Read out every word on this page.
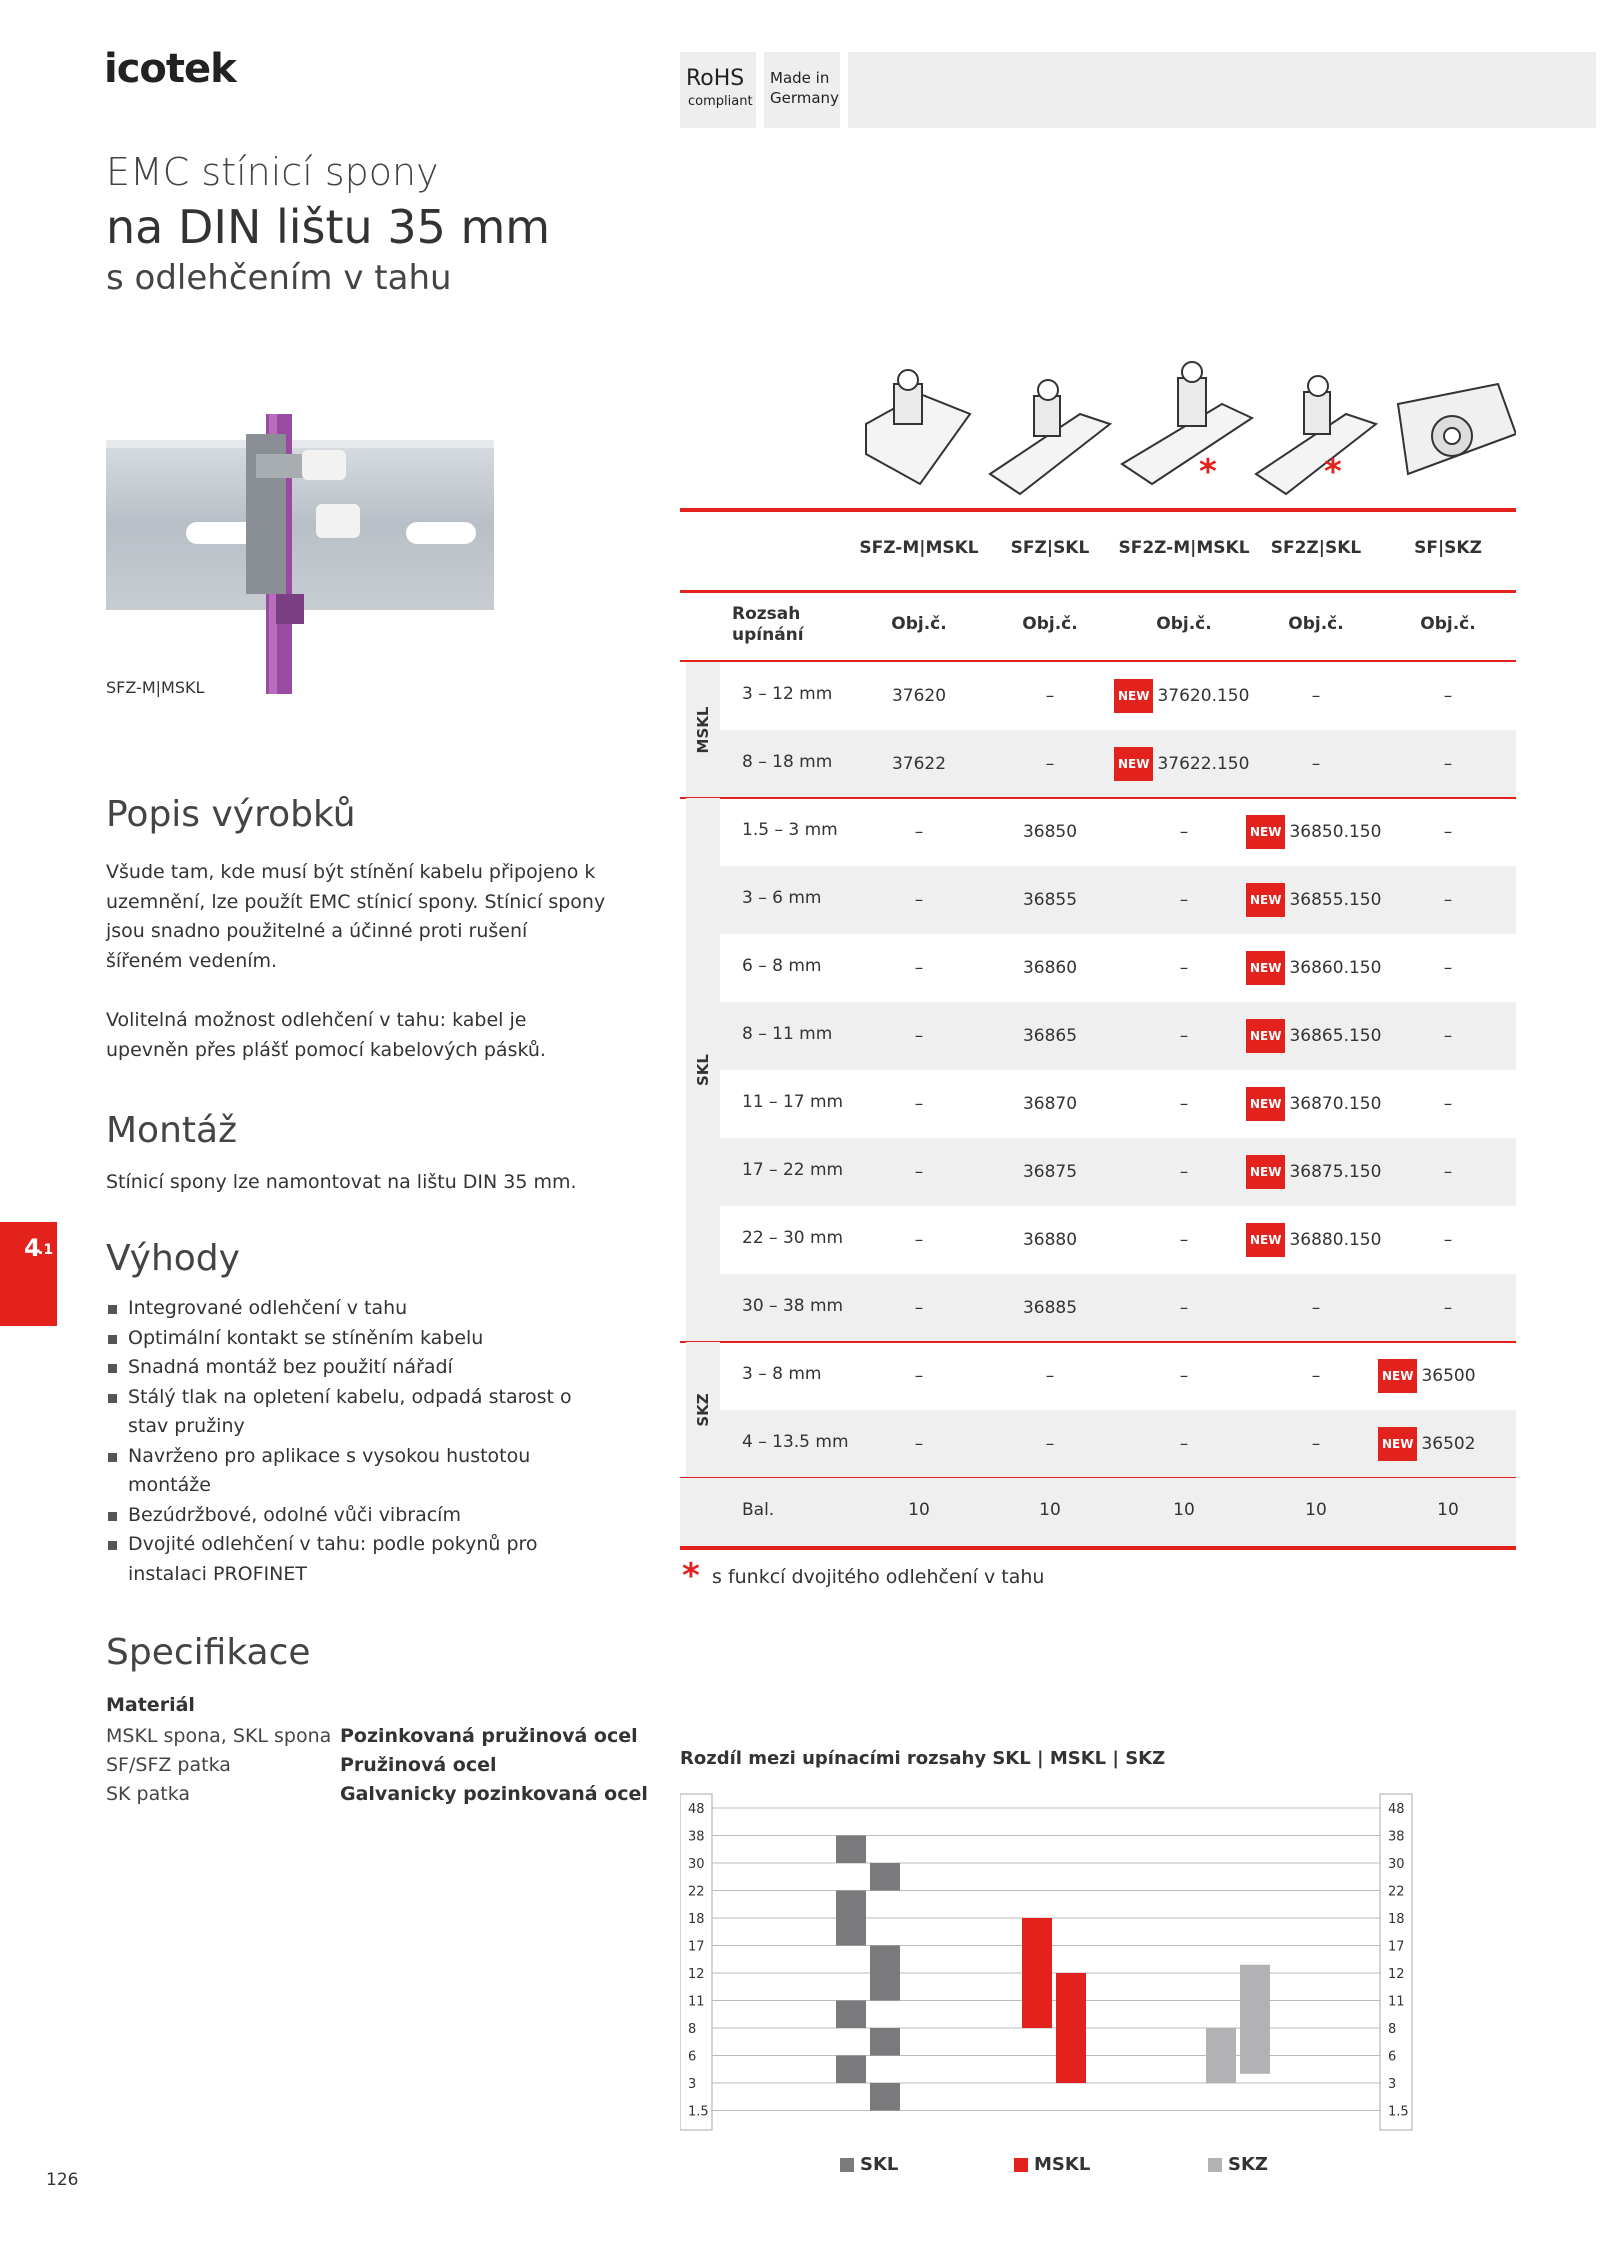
icotek	RoHS
compliant
Made in
Germany
EMC stínicí spony
na DIN lištu 35 mm
s odlehčením v tahu
SFZ-M|MSKL
Popis výrobků
Všude tam, kde musí být stínění kabelu připojeno k uzemnění, lze použít EMC stínicí spony. Stínicí spony jsou snadno použitelné a účinné proti rušení šířeném vedením.
Volitelná možnost odlehčení v tahu: kabel je upevněn přes plášť pomocí kabelových pásků.
Montáž
Stínicí spony lze namontovat na lištu DIN 35 mm.
4
.1 Výhody
Integrované odlehčení v tahu
Optimální kontakt se stíněním kabelu
Snadná montáž bez použití nářadí
Stálý tlak na opletení kabelu, odpadá starost o stav pružiny
Navrženo pro aplikace s vysokou hustotou montáže
Bezúdržbové, odolné vůči vibracím
Dvojité odlehčení v tahu: podle pokynů pro instalaci PROFINET
Specifikace
Materiál
MSKL spona, SKL spona Pozinkovaná pružinová ocel
SF/SFZ patka	Pružinová ocel
SK patka	Galvanicky pozinkovaná ocel
*	*
SFZ-M|MSKL	SFZ|SKL	SF2Z-M|MSKL	SF2Z|SKL	SF|SKZ
Rozsah upínání
Obj.č.	Obj.č.	Obj.č.	Obj.č.	Obj.č.
3 – 12 mm	37620	–	NEW 37620.150	–	–
8 – 18 mm	37622	–	NEW 37622.150	–	–
MSKL
1.5 – 3 mm	–	36850	–	NEW 36850.150	–
3 – 6 mm	–	36855	–	NEW 36855.150	–
6 – 8 mm	–	36860	–	NEW 36860.150	–
8 – 11 mm	–	36865	–	NEW 36865.150	–
11 – 17 mm	–	36870	–	NEW 36870.150	–
17 – 22 mm	–	36875	–	NEW 36875.150	–
22 – 30 mm	–	36880	–	NEW 36880.150	–
30 – 38 mm	–	36885	–	–	–
SKL
3 – 8 mm	–	–	–	–	NEW 36500
4 – 13.5 mm	–	–	–	–	NEW 36502
SKZ
Bal.	10	10	10	10	10
* s funkcí dvojitého odlehčení v tahu
Rozdíl mezi upínacími rozsahy SKL | MSKL | SKZ
48	48
38	38
30	30
22	22
18	18
17	17
12	12
11	11
8	8
6	6
3	3
1.5	1.5
SKL	MSKL	SKZ
126
